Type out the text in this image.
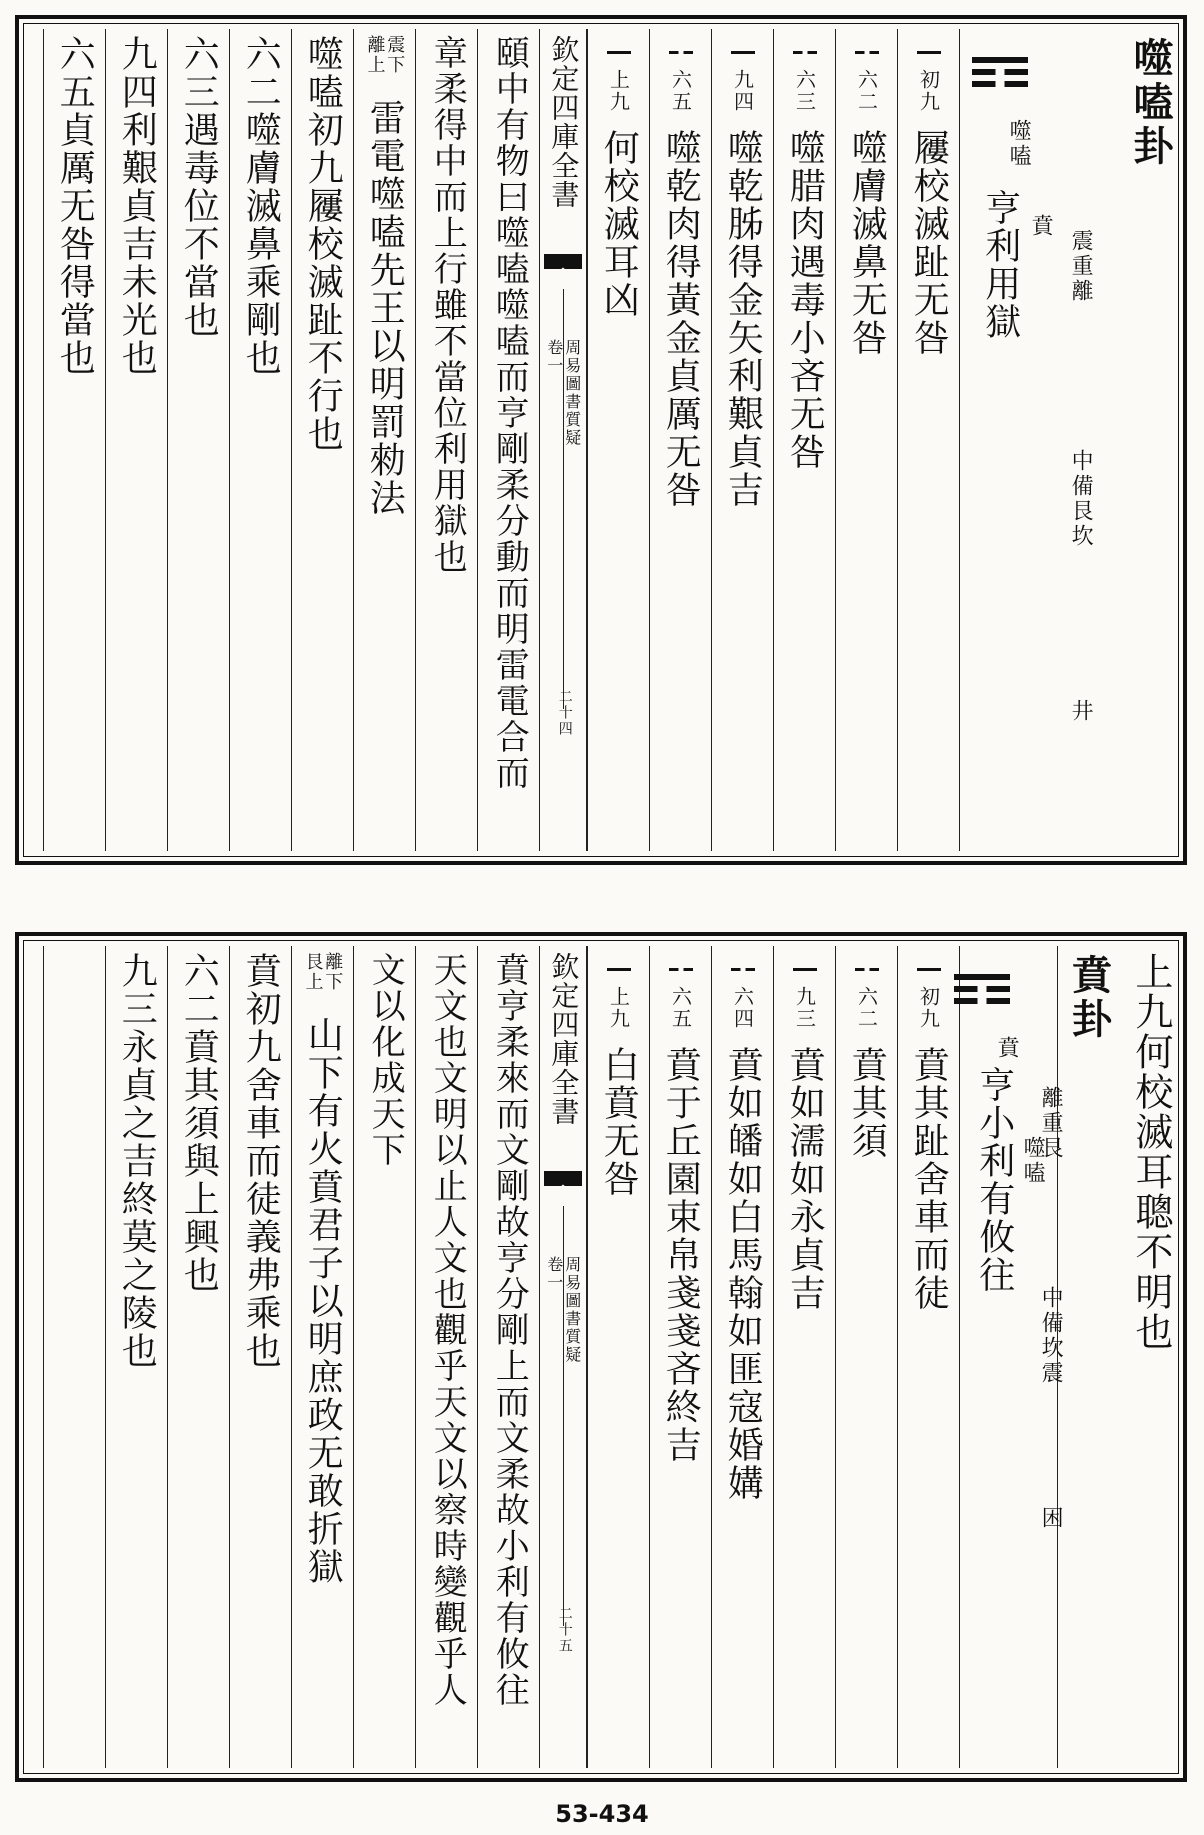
噬嗑卦
噬嗑
亨利用獄 賁
震重離
中備艮坎
井
初九
屨校滅趾无咎
六二
噬膚滅鼻无咎
六三
噬腊肉遇毒小吝无咎
九四
噬乾胏得金矢利艱貞吉
六五
噬乾肉得黃金貞厲无咎
上九
何校滅耳凶
欽定四庫全書
周易圖書質疑
卷一
二十四
頤中有物曰噬嗑噬嗑而亨剛柔分動而明雷電合而
章柔得中而上行雖不當位利用獄也
震下 離上
雷電噬嗑先王以明罰勑法
噬嗑初九屨校滅趾不行也
六二噬膚滅鼻乘剛也
六三遇毒位不當也
九四利艱貞吉未光也
六五貞厲无咎得當也
上九何校滅耳聰不明也
賁卦
賁
亨小利有攸往 噬嗑
離重艮
中備坎震
困
初九
賁其趾舍車而徒
六二
賁其須
九三
賁如濡如永貞吉
六四
賁如皤如白馬翰如匪寇婚媾
六五
賁于丘園束帛戔戔吝終吉
上九
白賁无咎
欽定四庫全書
周易圖書質疑
卷一
二十五
賁亨柔來而文剛故亨分剛上而文柔故小利有攸往
天文也文明以止人文也觀乎天文以察時變觀乎人
文以化成天下
離下 艮上
山下有火賁君子以明庶政无敢折獄
賁初九舍車而徒義弗乘也
六二賁其須與上興也
九三永貞之吉終莫之陵也
53-434
